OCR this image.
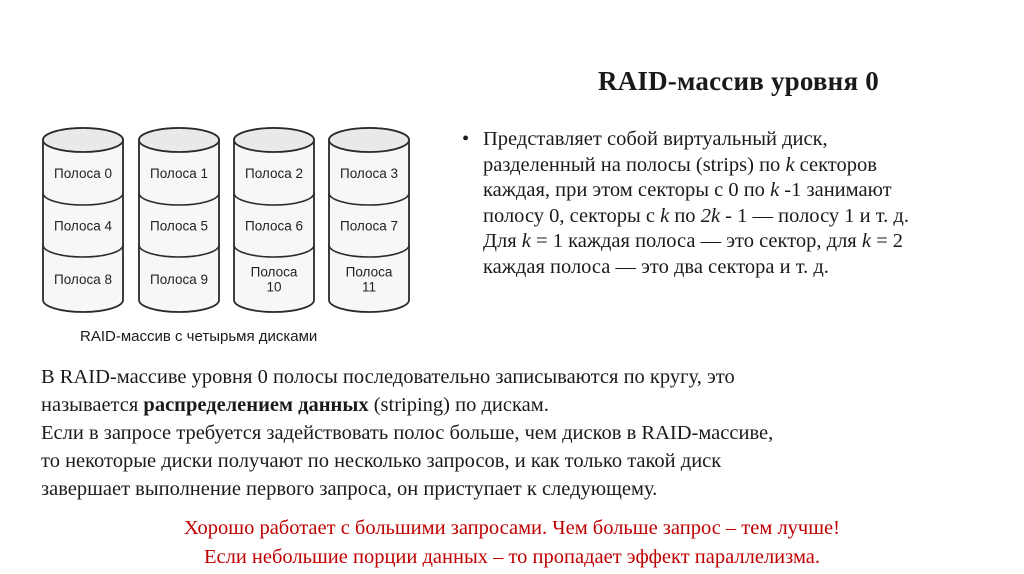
RAID-массив уровня 0
• Представляет собой виртуальный диск,
разделенный на полосы (strips) по k секторов
каждая, при этом секторы с 0 по k -1 занимают
полосу 0, секторы с k по 2k - 1 — полосу 1 и т. д.
Для k = 1 каждая полоса — это сектор, для k = 2
каждая полоса — это два сектора и т. д.
Полоса 0
Полоса 4
Полоса 8
Полоса 1
Полоса 5
Полоса 9
Полоса 2
Полоса 6
Полоса
10
Полоса 3
Полоса 7
Полоса
11
RAID-массив с четырьмя дисками
В RAID-массиве уровня 0 полосы последовательно записываются по кругу, это
называется распределением данных (striping) по дискам.
Если в запросе требуется задействовать полос больше, чем дисков в RAID-массиве,
то некоторые диски получают по несколько запросов, и как только такой диск
завершает выполнение первого запроса, он приступает к следующему.
Хорошо работает с большими запросами. Чем больше запрос – тем лучше!
Если небольшие порции данных – то пропадает эффект параллелизма.
